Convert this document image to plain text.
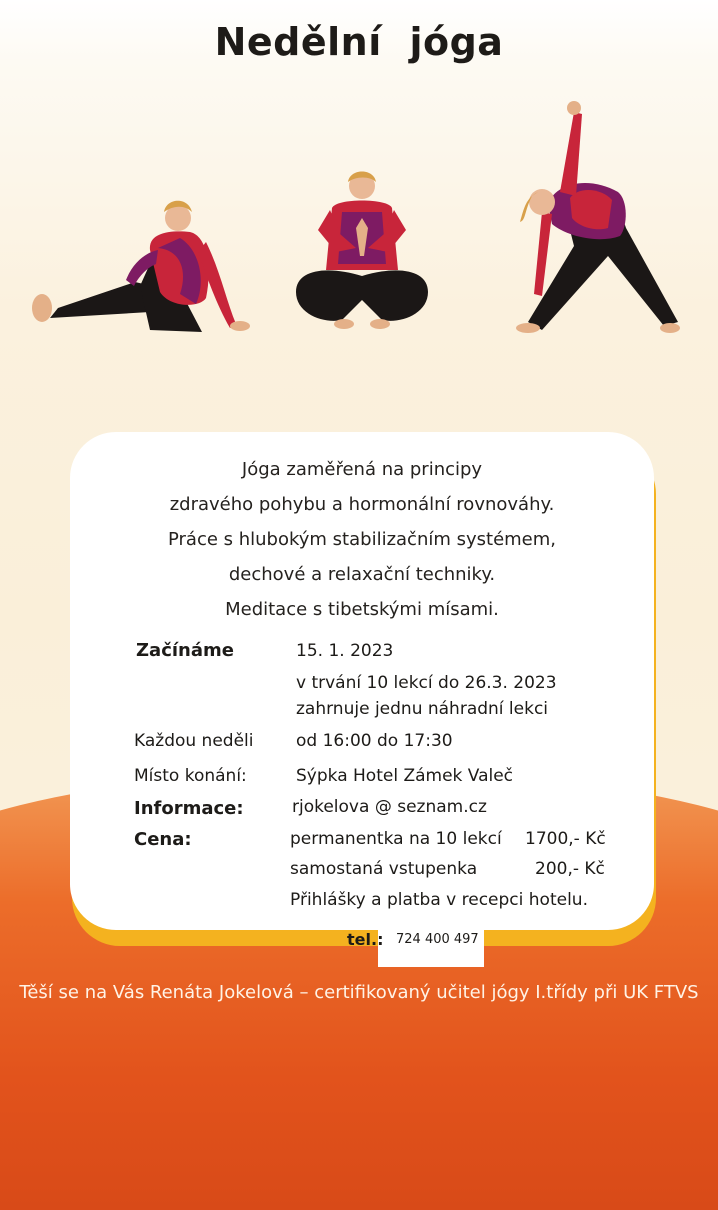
Nedělní jóga
Jóga zaměřená na principy
zdravého pohybu a hormonální rovnováhy.
Práce s hlubokým stabilizačním systémem,
dechové a relaxační techniky.
Meditace s tibetskými mísami.
Začínáme	15. 1. 2023
v trvání 10 lekcí do 26.3. 2023
zahrnuje jednu náhradní lekci
Každou neděli	od 16:00 do 17:30
Místo konání:	Sýpka Hotel Zámek Valeč
Informace:	rjokelova @ seznam.cz
Cena:	permanentka na 10 lekcí 1700,- Kč
samostaná vstupenka	200,- Kč
Přihlášky a platba v recepci hotelu.
tel.: 724 400 497
Těší se na Vás Renáta Jokelová – certifikovaný učitel jógy I.třídy při UK FTVS
